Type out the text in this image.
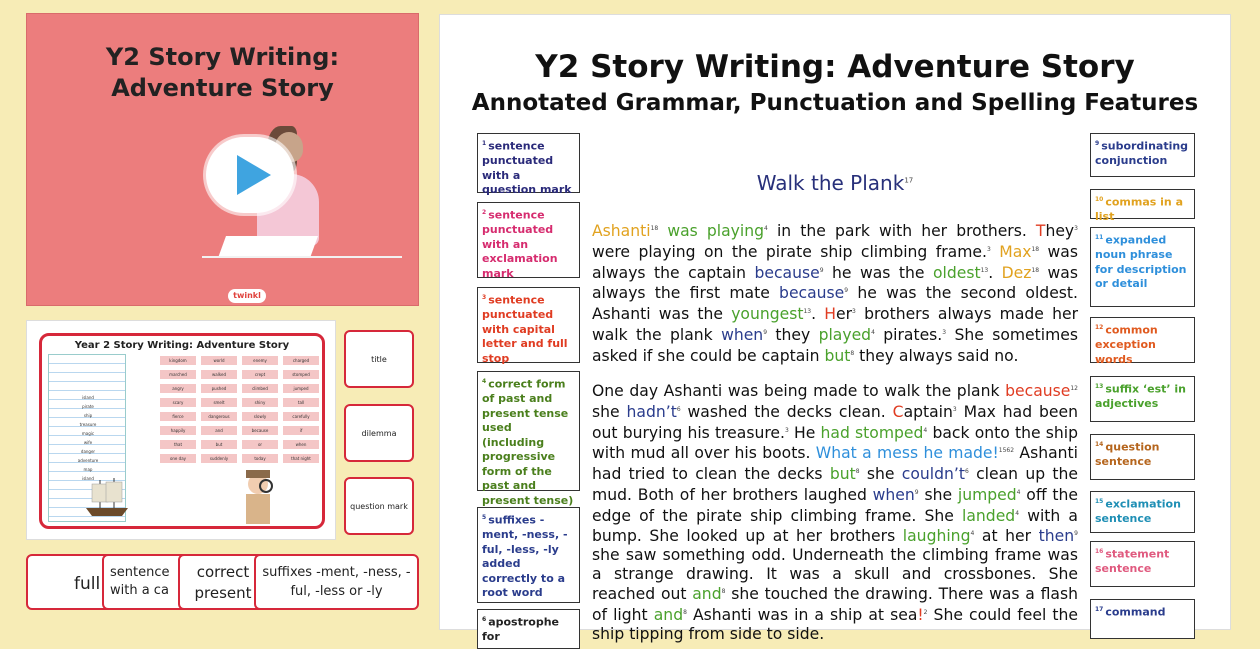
Y2 Story Writing:
Adventure Story
twinkl
Year 2 Story Writing: Adventure Story
island
pirate
ship
treasure
magic
wife
danger
adventure
map
island
kingdom	world	enemy	charged
marched	walked	crept	stomped
angry	pushed	climbed	jumped
scary	smelt	shiny	tall
fierce	dangerous	slowly	carefully
happily	and	because	if
that	but	or	when
one day	suddenly	today	that night
title
dilemma
question mark
full
sentence with a ca
correct present
suffixes -ment, -ness, -ful, -less or -ly
Y2 Story Writing: Adventure Story
Annotated Grammar, Punctuation and Spelling Features
Walk the Plank$^{17}$
$^1$ sentence punctuated with a question mark
$^2$ sentence punctuated with an exclamation mark
$^3$ sentence punctuated with capital letter and full stop
$^4$ correct form of past and present tense used (including progressive form of the past and present tense)
$^5$ suffixes -ment, -ness, -ful, -less, -ly added correctly to a root word
$^6$ apostrophe for
$^9$ subordinating conjunction
$^{10}$ commas in a list
$^{11}$ expanded noun phrase for description or detail
$^{12}$ common exception words
$^{13}$ suffix ‘est’ in adjectives
$^{14}$ question sentence
$^{15}$ exclamation sentence
$^{16}$ statement sentence
$^{17}$ command
Ashanti$^{18}$ was playing$^4$ in the park with her brothers. They$^3$ were playing on the pirate ship climbing frame.$^3$ Max$^{18}$ was always the captain because$^9$ he was the oldest$^{13}$. Dez$^{18}$ was always the first mate because$^9$ he was the second oldest. Ashanti was the youngest$^{13}$. Her$^3$ brothers always made her walk the plank when$^9$ they played$^4$ pirates.$^3$ She sometimes asked if she could be captain but$^8$ they always said no.
One day Ashanti was being made to walk the plank because$^{12}$ she $hadn’t^6$ washed the decks clean. Captain$^3$ Max had been out burying his treasure.$^3$ He had stomped$^4$ back onto the ship with mud all over his boots. What a mess he made!$^{1562}$ Ashanti had tried to clean the decks but$^8$ she $couldn’t^6$ clean up the mud. Both of her brothers laughed when$^9$ she jumped$^4$ off the edge of the pirate ship climbing frame. She landed$^4$ with a bump. She looked up at her brothers laughing$^4$ at her then$^9$ she saw something odd. Underneath the climbing frame was a strange drawing. It was a skull and crossbones. She reached out and$^8$ she touched the drawing. There was a flash of light and$^8$ Ashanti was in a ship at sea!$^2$ She could feel the ship tipping from side to side.
